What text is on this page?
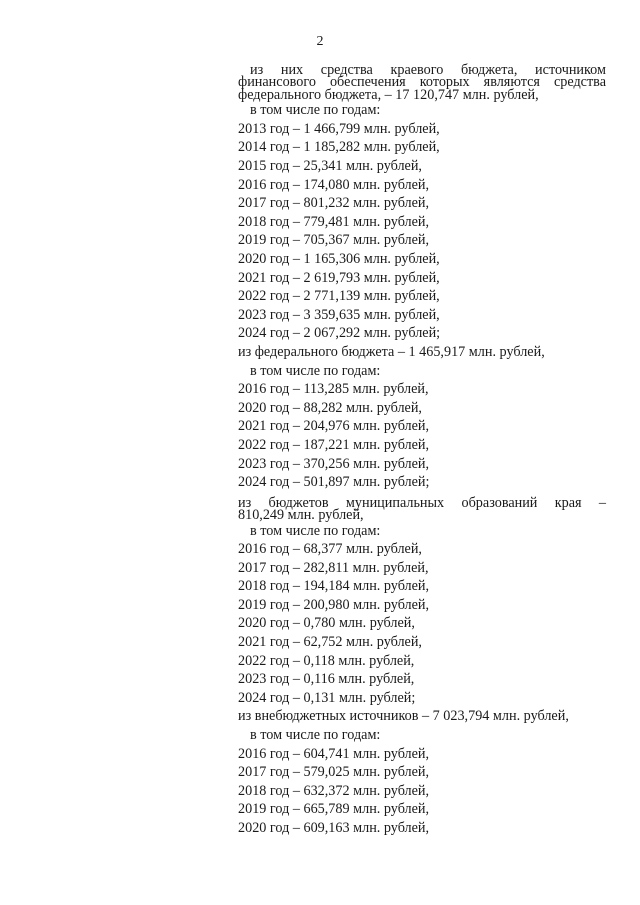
2

из них средства краевого бюджета, источником

финансового обеспечения которых являются средства

федерального бюджета, – 17 120,747 млн. рублей,

в том числе по годам:
2013 год – 1 466,799 млн. рублей,
2014 год – 1 185,282 млн. рублей,
2015 год – 25,341 млн. рублей,
2016 год – 174,080 млн. рублей,
2017 год – 801,232 млн. рублей,
2018 год – 779,481 млн. рублей,
2019 год – 705,367 млн. рублей,
2020 год – 1 165,306 млн. рублей,
2021 год – 2 619,793 млн. рублей,
2022 год – 2 771,139 млн. рублей,
2023 год – 3 359,635 млн. рублей,
2024 год – 2 067,292 млн. рублей;
из федерального бюджета – 1 465,917 млн. рублей,
в том числе по годам:
2016 год – 113,285 млн. рублей,
2020 год – 88,282 млн. рублей,
2021 год – 204,976 млн. рублей,
2022 год – 187,221 млн. рублей,
2023 год – 370,256 млн. рублей,
2024 год – 501,897 млн. рублей;

из бюджетов муниципальных образований края –

810,249 млн. рублей,

в том числе по годам:
2016 год – 68,377 млн. рублей,
2017 год – 282,811 млн. рублей,
2018 год – 194,184 млн. рублей,
2019 год – 200,980 млн. рублей,
2020 год – 0,780 млн. рублей,
2021 год – 62,752 млн. рублей,
2022 год – 0,118 млн. рублей,
2023 год – 0,116 млн. рублей,
2024 год – 0,131 млн. рублей;
из внебюджетных источников – 7 023,794 млн. рублей,
в том числе по годам:
2016 год – 604,741 млн. рублей,
2017 год – 579,025 млн. рублей,
2018 год – 632,372 млн. рублей,
2019 год – 665,789 млн. рублей,
2020 год – 609,163 млн. рублей,
